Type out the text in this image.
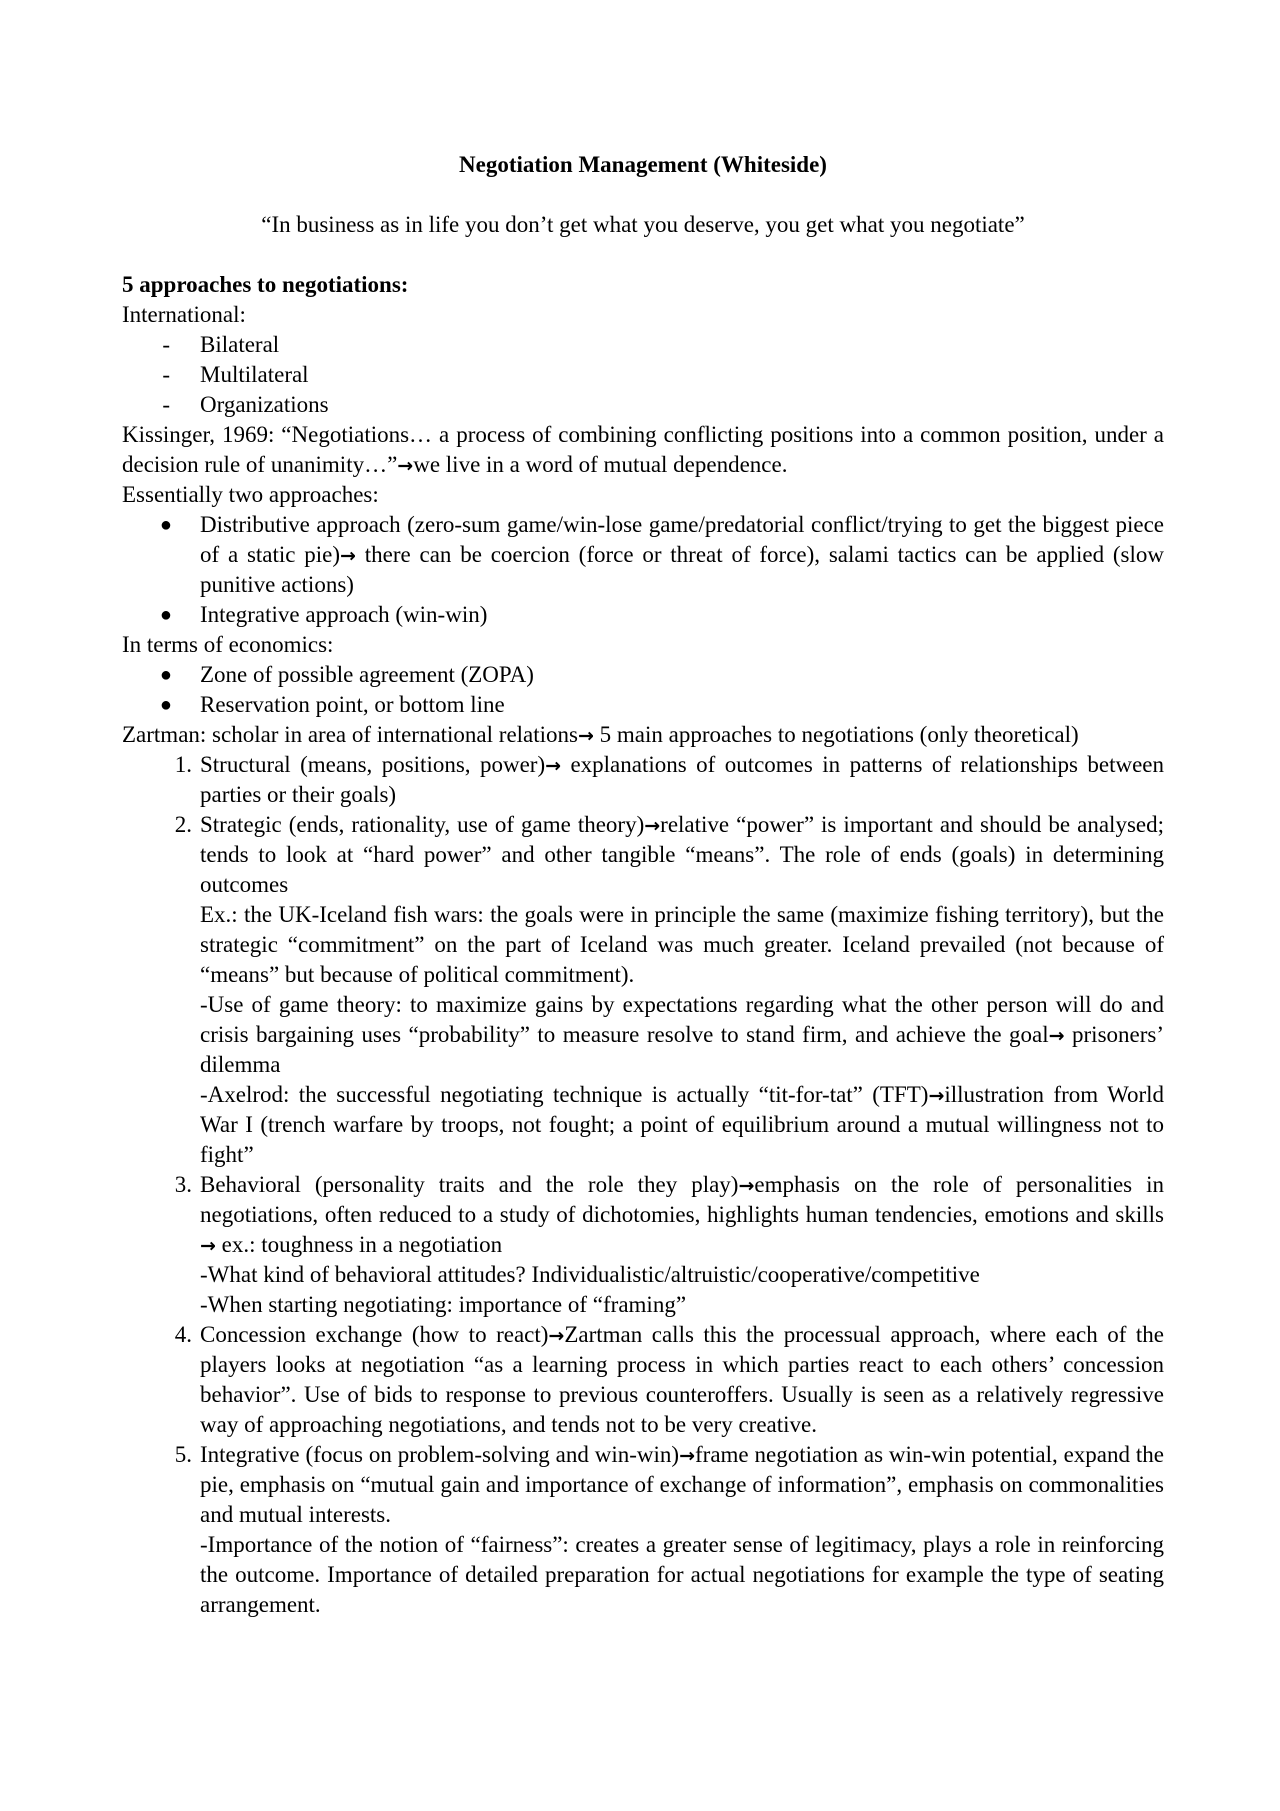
Negotiation Management (Whiteside)

“In business as in life you don’t get what you deserve, you get what you negotiate”

5 approaches to negotiations:

International:

- Bilateral
- Multilateral
- Organizations

Kissinger, 1969: “Negotiations… a process of combining conflicting positions into a common position, under a decision rule of unanimity…”→we live in a word of mutual dependence.

Essentially two approaches:

● Distributive approach (zero-sum game/win-lose game/predatorial conflict/trying to get the biggest piece of a static pie)→ there can be coercion (force or threat of force), salami tactics can be applied (slow punitive actions)
● Integrative approach (win-win)

In terms of economics:

● Zone of possible agreement (ZOPA)
● Reservation point, or bottom line

Zartman: scholar in area of international relations→ 5 main approaches to negotiations (only theoretical)

1. Structural (means, positions, power)→ explanations of outcomes in patterns of relationships between parties or their goals)
2. Strategic (ends, rationality, use of game theory)→relative “power” is important and should be analysed; tends to look at “hard power” and other tangible “means”. The role of ends (goals) in determining outcomes

Ex.: the UK-Iceland fish wars: the goals were in principle the same (maximize fishing territory), but the strategic “commitment” on the part of Iceland was much greater. Iceland prevailed (not because of “means” but because of political commitment).

-Use of game theory: to maximize gains by expectations regarding what the other person will do and crisis bargaining uses “probability” to measure resolve to stand firm, and achieve the goal→ prisoners’ dilemma

-Axelrod: the successful negotiating technique is actually “tit-for-tat” (TFT)→illustration from World War I (trench warfare by troops, not fought; a point of equilibrium around a mutual willingness not to fight”

3. Behavioral (personality traits and the role they play)→emphasis on the role of personalities in negotiations, often reduced to a study of dichotomies, highlights human tendencies, emotions and skills→ ex.: toughness in a negotiation

-What kind of behavioral attitudes? Individualistic/altruistic/cooperative/competitive

-When starting negotiating: importance of “framing”

4. Concession exchange (how to react)→Zartman calls this the processual approach, where each of the players looks at negotiation “as a learning process in which parties react to each others’ concession behavior”. Use of bids to response to previous counteroffers. Usually is seen as a relatively regressive way of approaching negotiations, and tends not to be very creative.
5. Integrative (focus on problem-solving and win-win)→frame negotiation as win-win potential, expand the pie, emphasis on “mutual gain and importance of exchange of information”, emphasis on commonalities and mutual interests.

-Importance of the notion of “fairness”: creates a greater sense of legitimacy, plays a role in reinforcing the outcome. Importance of detailed preparation for actual negotiations for example the type of seating arrangement.
